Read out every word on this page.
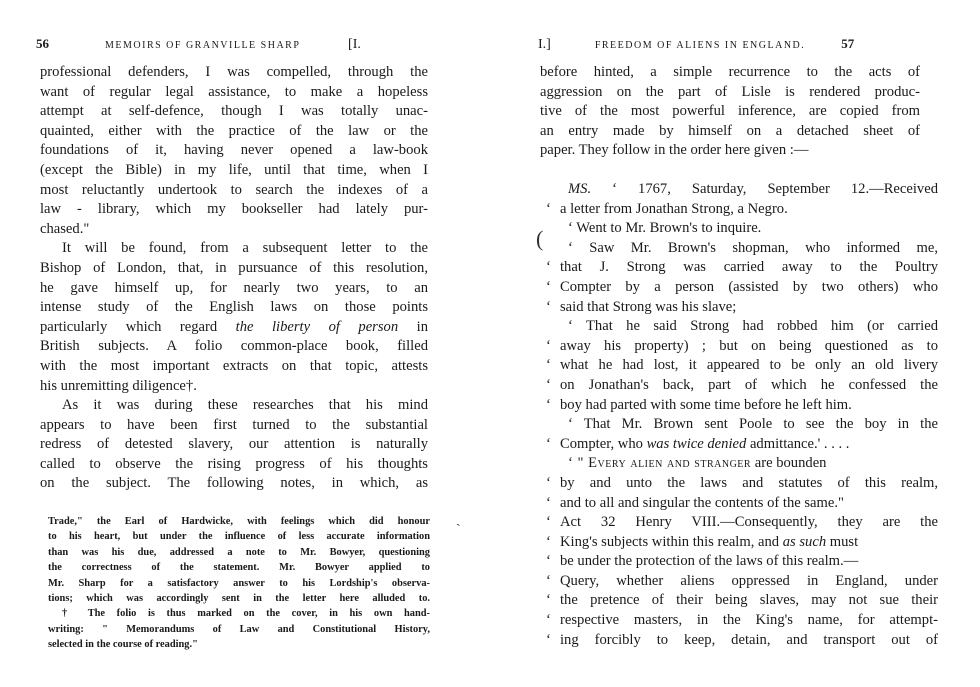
56	MEMOIRS OF GRANVILLE SHARP	[I.
professional defenders, I was compelled, through the
want of regular legal assistance, to make a hopeless
attempt at self-defence, though I was totally unac-
quainted, either with the practice of the law or the
foundations of it, having never opened a law-book
(except the Bible) in my life, until that time, when I
most reluctantly undertook to search the indexes of a
law - library, which my bookseller had lately pur-
chased."
It will be found, from a subsequent letter to the
Bishop of London, that, in pursuance of this resolution,
he gave himself up, for nearly two years, to an
intense study of the English laws on those points
particularly which regard the liberty of person in
British subjects. A folio common-place book, filled
with the most important extracts on that topic, attests
his unremitting diligence†.
As it was during these researches that his mind
appears to have been first turned to the substantial
redress of detested slavery, our attention is naturally
called to observe the rising progress of his thoughts
on the subject. The following notes, in which, as
Trade," the Earl of Hardwicke, with feelings which did honour
to his heart, but under the influence of less accurate information
than was his due, addressed a note to Mr. Bowyer, questioning
the correctness of the statement. Mr. Bowyer applied to
Mr. Sharp for a satisfactory answer to his Lordship's observa-
tions; which was accordingly sent in the letter here alluded to.
† The folio is thus marked on the cover, in his own hand-
writing: " Memorandums of Law and Constitutional History,
selected in the course of reading."
ˎ
I.]	FREEDOM OF ALIENS IN ENGLAND.	57
before hinted, a simple recurrence to the acts of
aggression on the part of Lisle is rendered produc-
tive of the most powerful inference, are copied from
an entry made by himself on a detached sheet of
paper. They follow in the order here given :—
MS. ‘ 1767, Saturday, September 12.—Received
‘ a letter from Jonathan Strong, a Negro.
‘ Went to Mr. Brown's to inquire.
‘ Saw Mr. Brown's shopman, who informed me,
‘ that J. Strong was carried away to the Poultry
‘ Compter by a person (assisted by two others) who
‘ said that Strong was his slave;
‘ That he said Strong had robbed him (or carried
‘ away his property) ; but on being questioned as to
‘ what he had lost, it appeared to be only an old livery
‘ on Jonathan's back, part of which he confessed the
‘ boy had parted with some time before he left him.
‘ That Mr. Brown sent Poole to see the boy in the
‘ Compter, who was twice denied admittance.' . . . .
‘ " Every alien and stranger are bounden
‘ by and unto the laws and statutes of this realm,
‘ and to all and singular the contents of the same."
‘ Act 32 Henry VIII.—Consequently, they are the
‘ King's subjects within this realm, and as such must
‘ be under the protection of the laws of this realm.—
‘ Query, whether aliens oppressed in England, under
‘ the pretence of their being slaves, may not sue their
‘ respective masters, in the King's name, for attempt-
‘ ing forcibly to keep, detain, and transport out of
(
